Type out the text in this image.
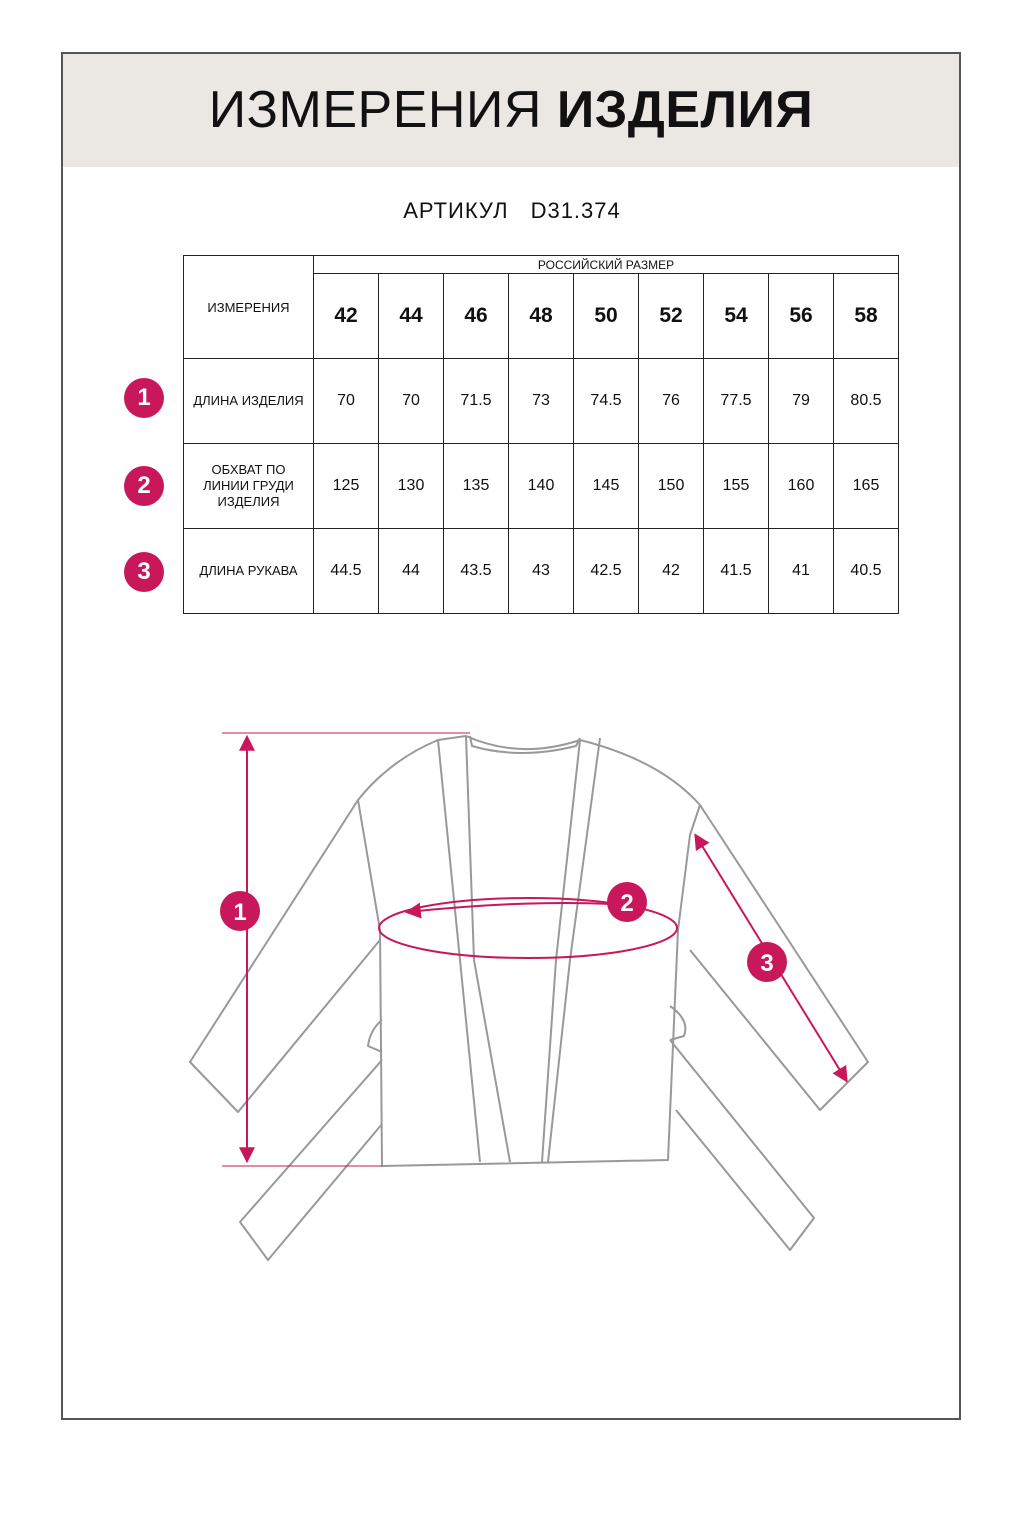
ИЗМЕРЕНИЯ ИЗДЕЛИЯ
АРТИКУЛ D31.374
ИЗМЕРЕНИЯ	РОССИЙСКИЙ РАЗМЕР								
	42	44	46	48	50	52	54	56	58
ДЛИНА ИЗДЕЛИЯ	70	70	71.5	73	74.5	76	77.5	79	80.5

ОБХВАТ ПО
ЛИНИИ ГРУДИ
ИЗДЕЛИЯ	125	130	135	140	145	150	155	160	165
ДЛИНА РУКАВА	44.5	44	43.5	43	42.5	42	41.5	41	40.5
1
2
3
1	2
3
